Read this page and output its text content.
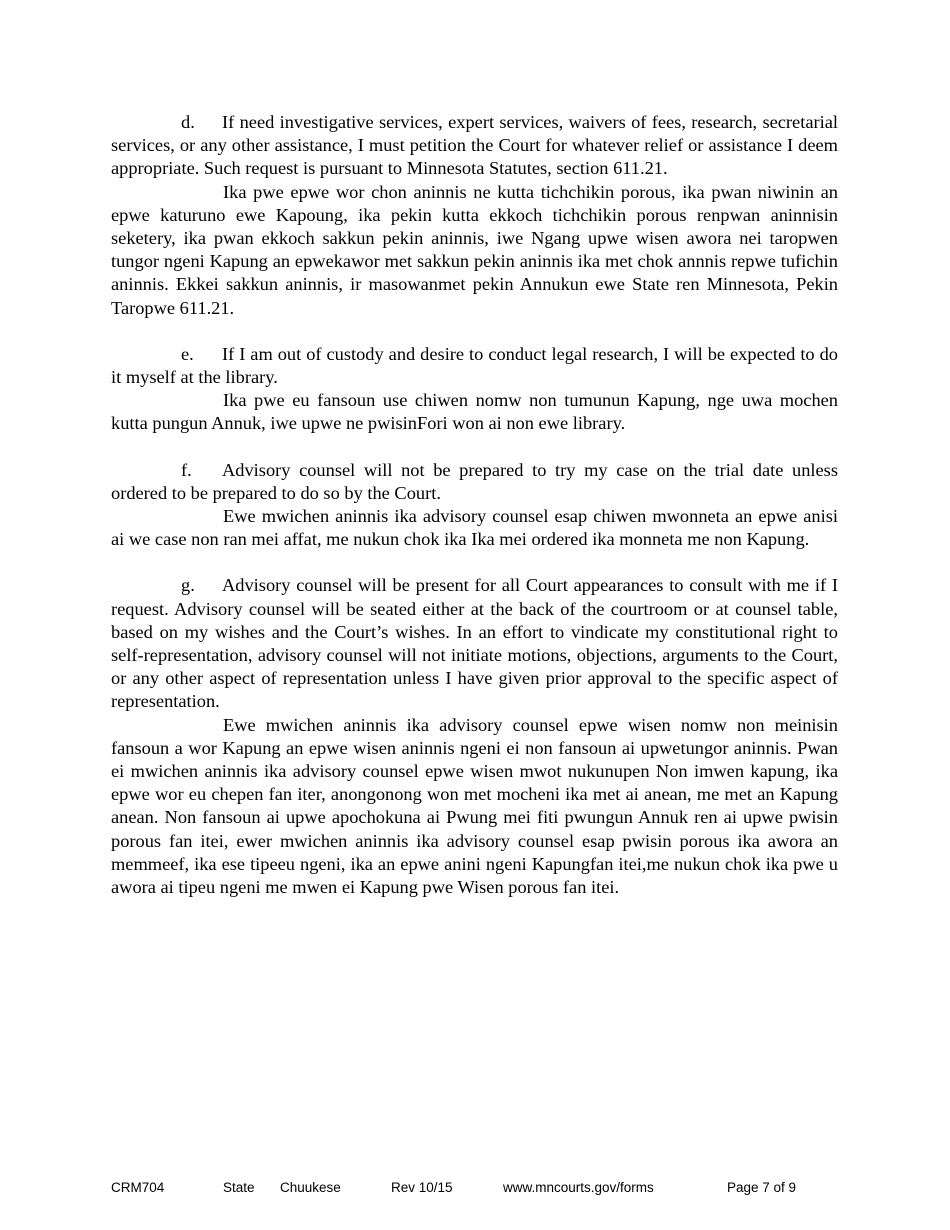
d. If need investigative services, expert services, waivers of fees, research, secretarial services, or any other assistance, I must petition the Court for whatever relief or assistance I deem appropriate. Such request is pursuant to Minnesota Statutes, section 611.21.

Ika pwe epwe wor chon aninnis ne kutta tichchikin porous, ika pwan niwinin an epwe katuruno ewe Kapoung, ika pekin kutta ekkoch tichchikin porous renpwan aninnisin seketery, ika pwan ekkoch sakkun pekin aninnis, iwe Ngang upwe wisen awora nei taropwen tungor ngeni Kapung an epwekawor met sakkun pekin aninnis ika met chok annnis repwe tufichin aninnis. Ekkei sakkun aninnis, ir masowanmet pekin Annukun ewe State ren Minnesota, Pekin Taropwe 611.21.

e. If I am out of custody and desire to conduct legal research, I will be expected to do it myself at the library.

Ika pwe eu fansoun use chiwen nomw non tumunun Kapung, nge uwa mochen kutta pungun Annuk, iwe upwe ne pwisinFori won ai non ewe library.

f. Advisory counsel will not be prepared to try my case on the trial date unless ordered to be prepared to do so by the Court.

Ewe mwichen aninnis ika advisory counsel esap chiwen mwonneta an epwe anisi ai we case non ran mei affat, me nukun chok ika Ika mei ordered ika monneta me non Kapung.

g. Advisory counsel will be present for all Court appearances to consult with me if I request. Advisory counsel will be seated either at the back of the courtroom or at counsel table, based on my wishes and the Court’s wishes. In an effort to vindicate my constitutional right to self-representation, advisory counsel will not initiate motions, objections, arguments to the Court, or any other aspect of representation unless I have given prior approval to the specific aspect of representation.

Ewe mwichen aninnis ika advisory counsel epwe wisen nomw non meinisin fansoun a wor Kapung an epwe wisen aninnis ngeni ei non fansoun ai upwetungor aninnis. Pwan ei mwichen aninnis ika advisory counsel epwe wisen mwot nukunupen Non imwen kapung, ika epwe wor eu chepen fan iter, anongonong won met mocheni ika met ai anean, me met an Kapung anean. Non fansoun ai upwe apochokuna ai Pwung mei fiti pwungun Annuk ren ai upwe pwisin porous fan itei, ewer mwichen aninnis ika advisory counsel esap pwisin porous ika awora an memmeef, ika ese tipeeu ngeni, ika an epwe anini ngeni Kapungfan itei,me nukun chok ika pwe u awora ai tipeu ngeni me mwen ei Kapung pwe Wisen porous fan itei.

CRM704	State Chuukese	Rev 10/15	www.mncourts.gov/forms	Page 7 of 9
